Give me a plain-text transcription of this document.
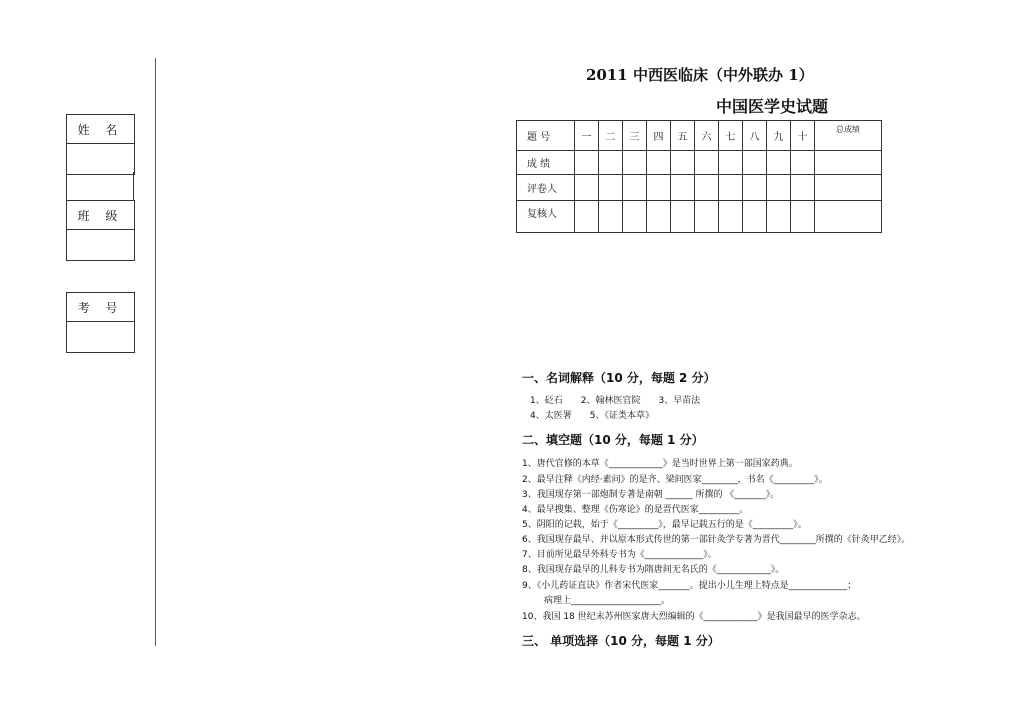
姓 名
班 级
考 号
2011 中西医临床（中外联办 1）
中国医学史试题
题 号	一	二	三	四	五	六	七	八	九	十	总成绩
成 绩											
评卷人											
复核人											
一、名词解释（10 分，每题 2 分）
1、砭石　　2、翰林医官院　　3、早苗法
4、太医署　　5、《证类本草》
二、填空题（10 分，每题 1 分）
1、唐代官修的本草《____________》是当时世界上第一部国家药典。
2、最早注释《内经·素问》的是齐、梁间医家________，书名《_________》。
3、我国现存第一部炮制专著是南朝 ______ 所撰的 《_______》。
4、最早搜集、整理《伤寒论》的是晋代医家_________。
5、阴阳的记载，始于《_________》，最早记载五行的是《_________》。
6、我国现存最早、并以原本形式传世的第一部针灸学专著为晋代________所撰的《针灸甲乙经》。
7、目前所见最早外科专书为《_____________》。
8、我国现存最早的儿科专书为隋唐间无名氏的《____________》。
9、《小儿药证直诀》作者宋代医家_______。提出小儿生理上特点是_____________；
病理上____________________。
10、我国 18 世纪末苏州医家唐大烈编辑的《____________》是我国最早的医学杂志。
三、 单项选择（10 分，每题 1 分）
